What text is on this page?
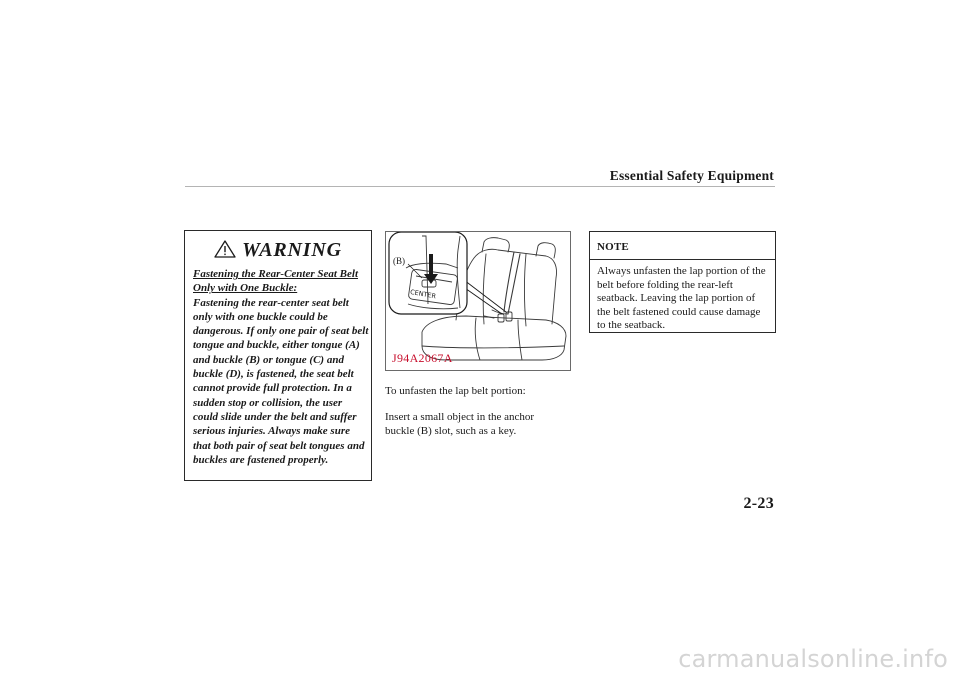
Essential Safety Equipment
WARNING
Fastening the Rear-Center Seat Belt Only with One Buckle:
Fastening the rear-center seat belt only with one buckle could be dangerous. If only one pair of seat belt tongue and buckle, either tongue (A) and buckle (B) or tongue (C) and buckle (D), is fastened, the seat belt cannot provide full protection. In a sudden stop or collision, the user could slide under the belt and suffer serious injuries. Always make sure that both pair of seat belt tongues and buckles are fastened properly.
CENTER
(B)
J94A2067A
To unfasten the lap belt portion:
Insert a small object in the anchor buckle (B) slot, such as a key.
NOTE
Always unfasten the lap portion of the belt before folding the rear-left seatback. Leaving the lap portion of the belt fastened could cause damage to the seatback.
2-23
carmanualsonline.info
